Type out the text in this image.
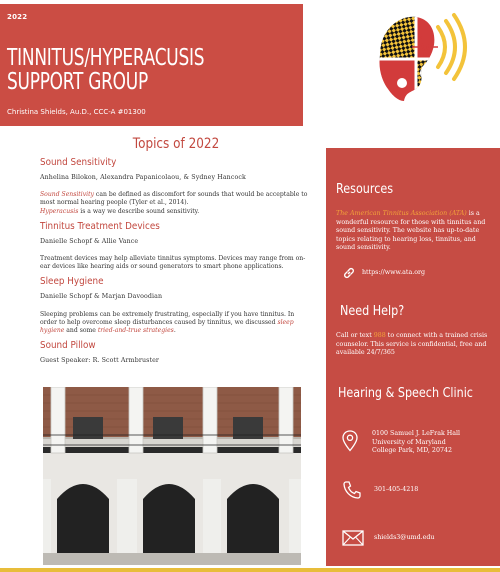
2022
TINNITUS/HYPERACUSIS
SUPPORT GROUP
Christina Shields, Au.D., CCC-A #01300
Topics of 2022
Sound Sensitivity
Anhelina Bilokon, Alexandra Papanicolaou, & Sydney Hancock
Sound Sensitivity can be defined as discomfort for sounds that would be acceptable to most normal hearing people (Tyler et al., 2014).
Hyperacusis is a way we describe sound sensitivity.
Tinnitus Treatment Devices
Danielle Schopf & Allie Vance
Treatment devices may help alleviate tinnitus symptoms. Devices may range from on-ear devices like hearing aids or sound generators to smart phone applications.
Sleep Hygiene
Danielle Schopf & Marjan Davoodian
Sleeping problems can be extremely frustrating, especially if you have tinnitus. In order to help overcome sleep disturbances caused by tinnitus, we discussed sleep hygiene and some tried-and-true strategies.
Sound Pillow
Guest Speaker: R. Scott Armbruster
Resources
The American Tinnitus Association (ATA) is a wonderful resource for those with tinnitus and sound sensitivity. The website has up-to-date topics relating to hearing loss, tinnitus, and sound sensitivity.
https://www.ata.org
Need Help?
Call or text 988 to connect with a trained crisis counselor. This service is confidential, free and available 24/7/365
Hearing & Speech Clinic
0100 Samuel J. LeFrak Hall
University of Maryland
College Park, MD, 20742
301-405-4218
shields3@umd.edu
